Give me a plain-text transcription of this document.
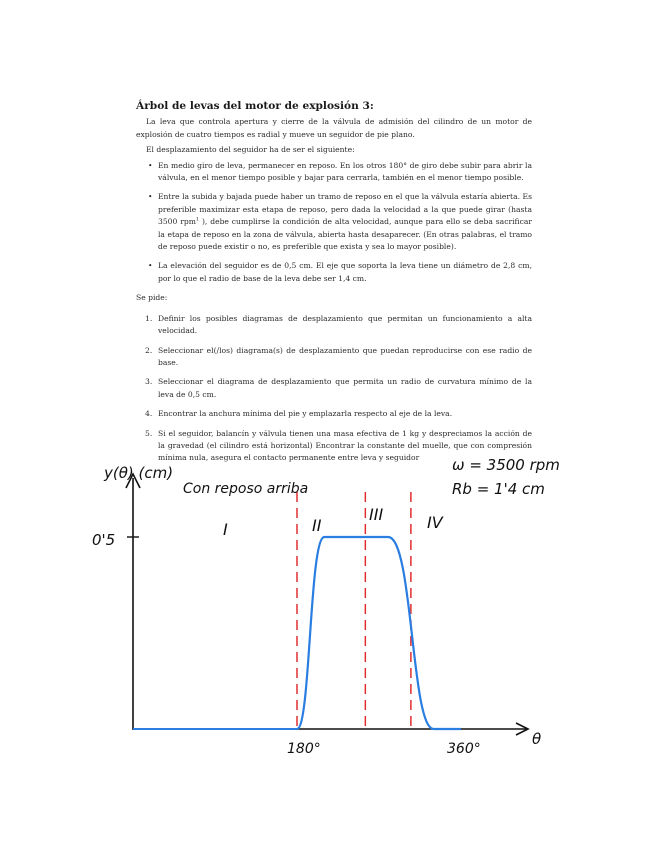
Árbol de levas del motor de explosión 3:

La leva que controla apertura y cierre de la válvula de admisión del cilindro de un motor de explosión de cuatro tiempos es radial y mueve un seguidor de pie plano.

El desplazamiento del seguidor ha de ser el siguiente:

• En medio giro de leva, permanecer en reposo. En los otros 180° de giro debe subir para abrir la válvula, en el menor tiempo posible y bajar para cerrarla, también en el menor tiempo posible.
• Entre la subida y bajada puede haber un tramo de reposo en el que la válvula estaría abierta. Es preferible maximizar esta etapa de reposo, pero dada la velocidad a la que puede girar (hasta 3500 rpm$^1$ ), debe cumplirse la condición de alta velocidad, aunque para ello se deba sacrificar la etapa de reposo en la zona de válvula, abierta hasta desaparecer. (En otras palabras, el tramo de reposo puede existir o no, es preferible que exista y sea lo mayor posible).
• La elevación del seguidor es de 0,5 cm. El eje que soporta la leva tiene un diámetro de 2,8 cm, por lo que el radio de base de la leva debe ser 1,4 cm.

Se pide:

1. Definir los posibles diagramas de desplazamiento que permitan un funcionamiento a alta velocidad.
2. Seleccionar el(/los) diagrama(s) de desplazamiento que puedan reproducirse con ese radio de base.
3. Seleccionar el diagrama de desplazamiento que permita un radio de curvatura mínimo de la leva de 0,5 cm.
4. Encontrar la anchura mínima del pie y emplazarla respecto al eje de la leva.
5. Si el seguidor, balancín y válvula tienen una masa efectiva de 1 kg y despreciamos la acción de la gravedad (el cilindro está horizontal) Encontrar la constante del muelle, que con compresión mínima nula, asegura el contacto permanente entre leva y seguidor
y(θ) (cm)
θ
0'5
180°	360°
Con reposo arriba
ω = 3500 rpm
Rb = 1'4 cm
I	II
III	IV
